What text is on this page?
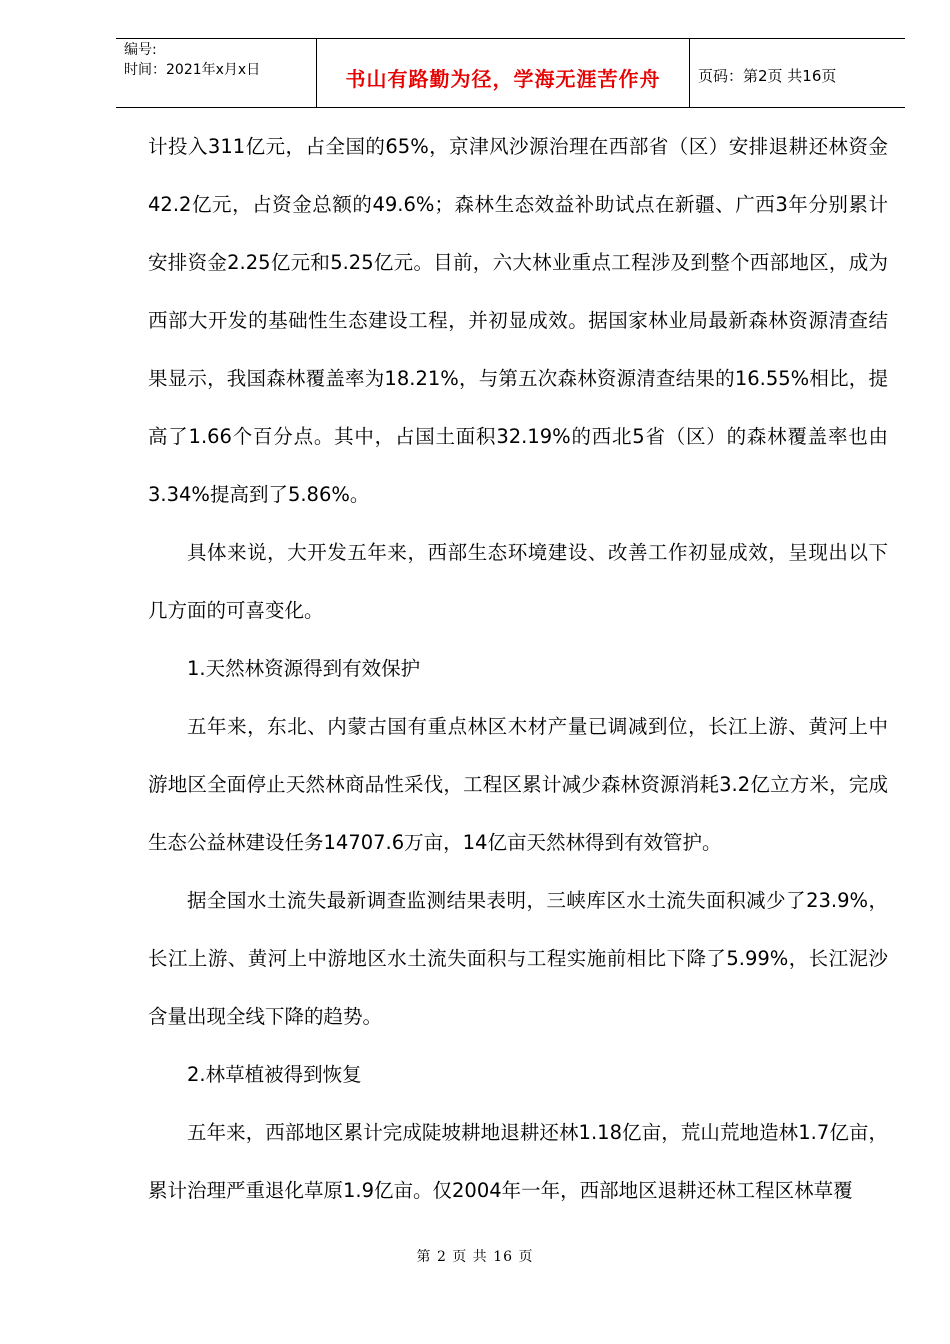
编号:
时间：2021年x月x日	书山有路勤为径，学海无涯苦作舟	页码：第2页 共16页

计投入311亿元，占全国的65%，京津风沙源治理在西部省（区）安排退耕还林资金42.2亿元，占资金总额的49.6%；森林生态效益补助试点在新疆、广西3年分别累计安排资金2.25亿元和5.25亿元。目前，六大林业重点工程涉及到整个西部地区，成为西部大开发的基础性生态建设工程，并初显成效。据国家林业局最新森林资源清查结果显示，我国森林覆盖率为18.21%，与第五次森林资源清查结果的16.55%相比，提高了1.66个百分点。其中，占国土面积32.19%的西北5省（区）的森林覆盖率也由3.34%提高到了5.86%。

具体来说，大开发五年来，西部生态环境建设、改善工作初显成效，呈现出以下几方面的可喜变化。

1.天然林资源得到有效保护

五年来，东北、内蒙古国有重点林区木材产量已调减到位，长江上游、黄河上中游地区全面停止天然林商品性采伐，工程区累计减少森林资源消耗3.2亿立方米，完成生态公益林建设任务14707.6万亩，14亿亩天然林得到有效管护。

据全国水土流失最新调查监测结果表明，三峡库区水土流失面积减少了23.9%，长江上游、黄河上中游地区水土流失面积与工程实施前相比下降了5.99%，长江泥沙含量出现全线下降的趋势。

2.林草植被得到恢复

五年来，西部地区累计完成陡坡耕地退耕还林1.18亿亩，荒山荒地造林1.7亿亩，累计治理严重退化草原1.9亿亩。仅2004年一年，西部地区退耕还林工程区林草覆

第 2 页 共 16 页
